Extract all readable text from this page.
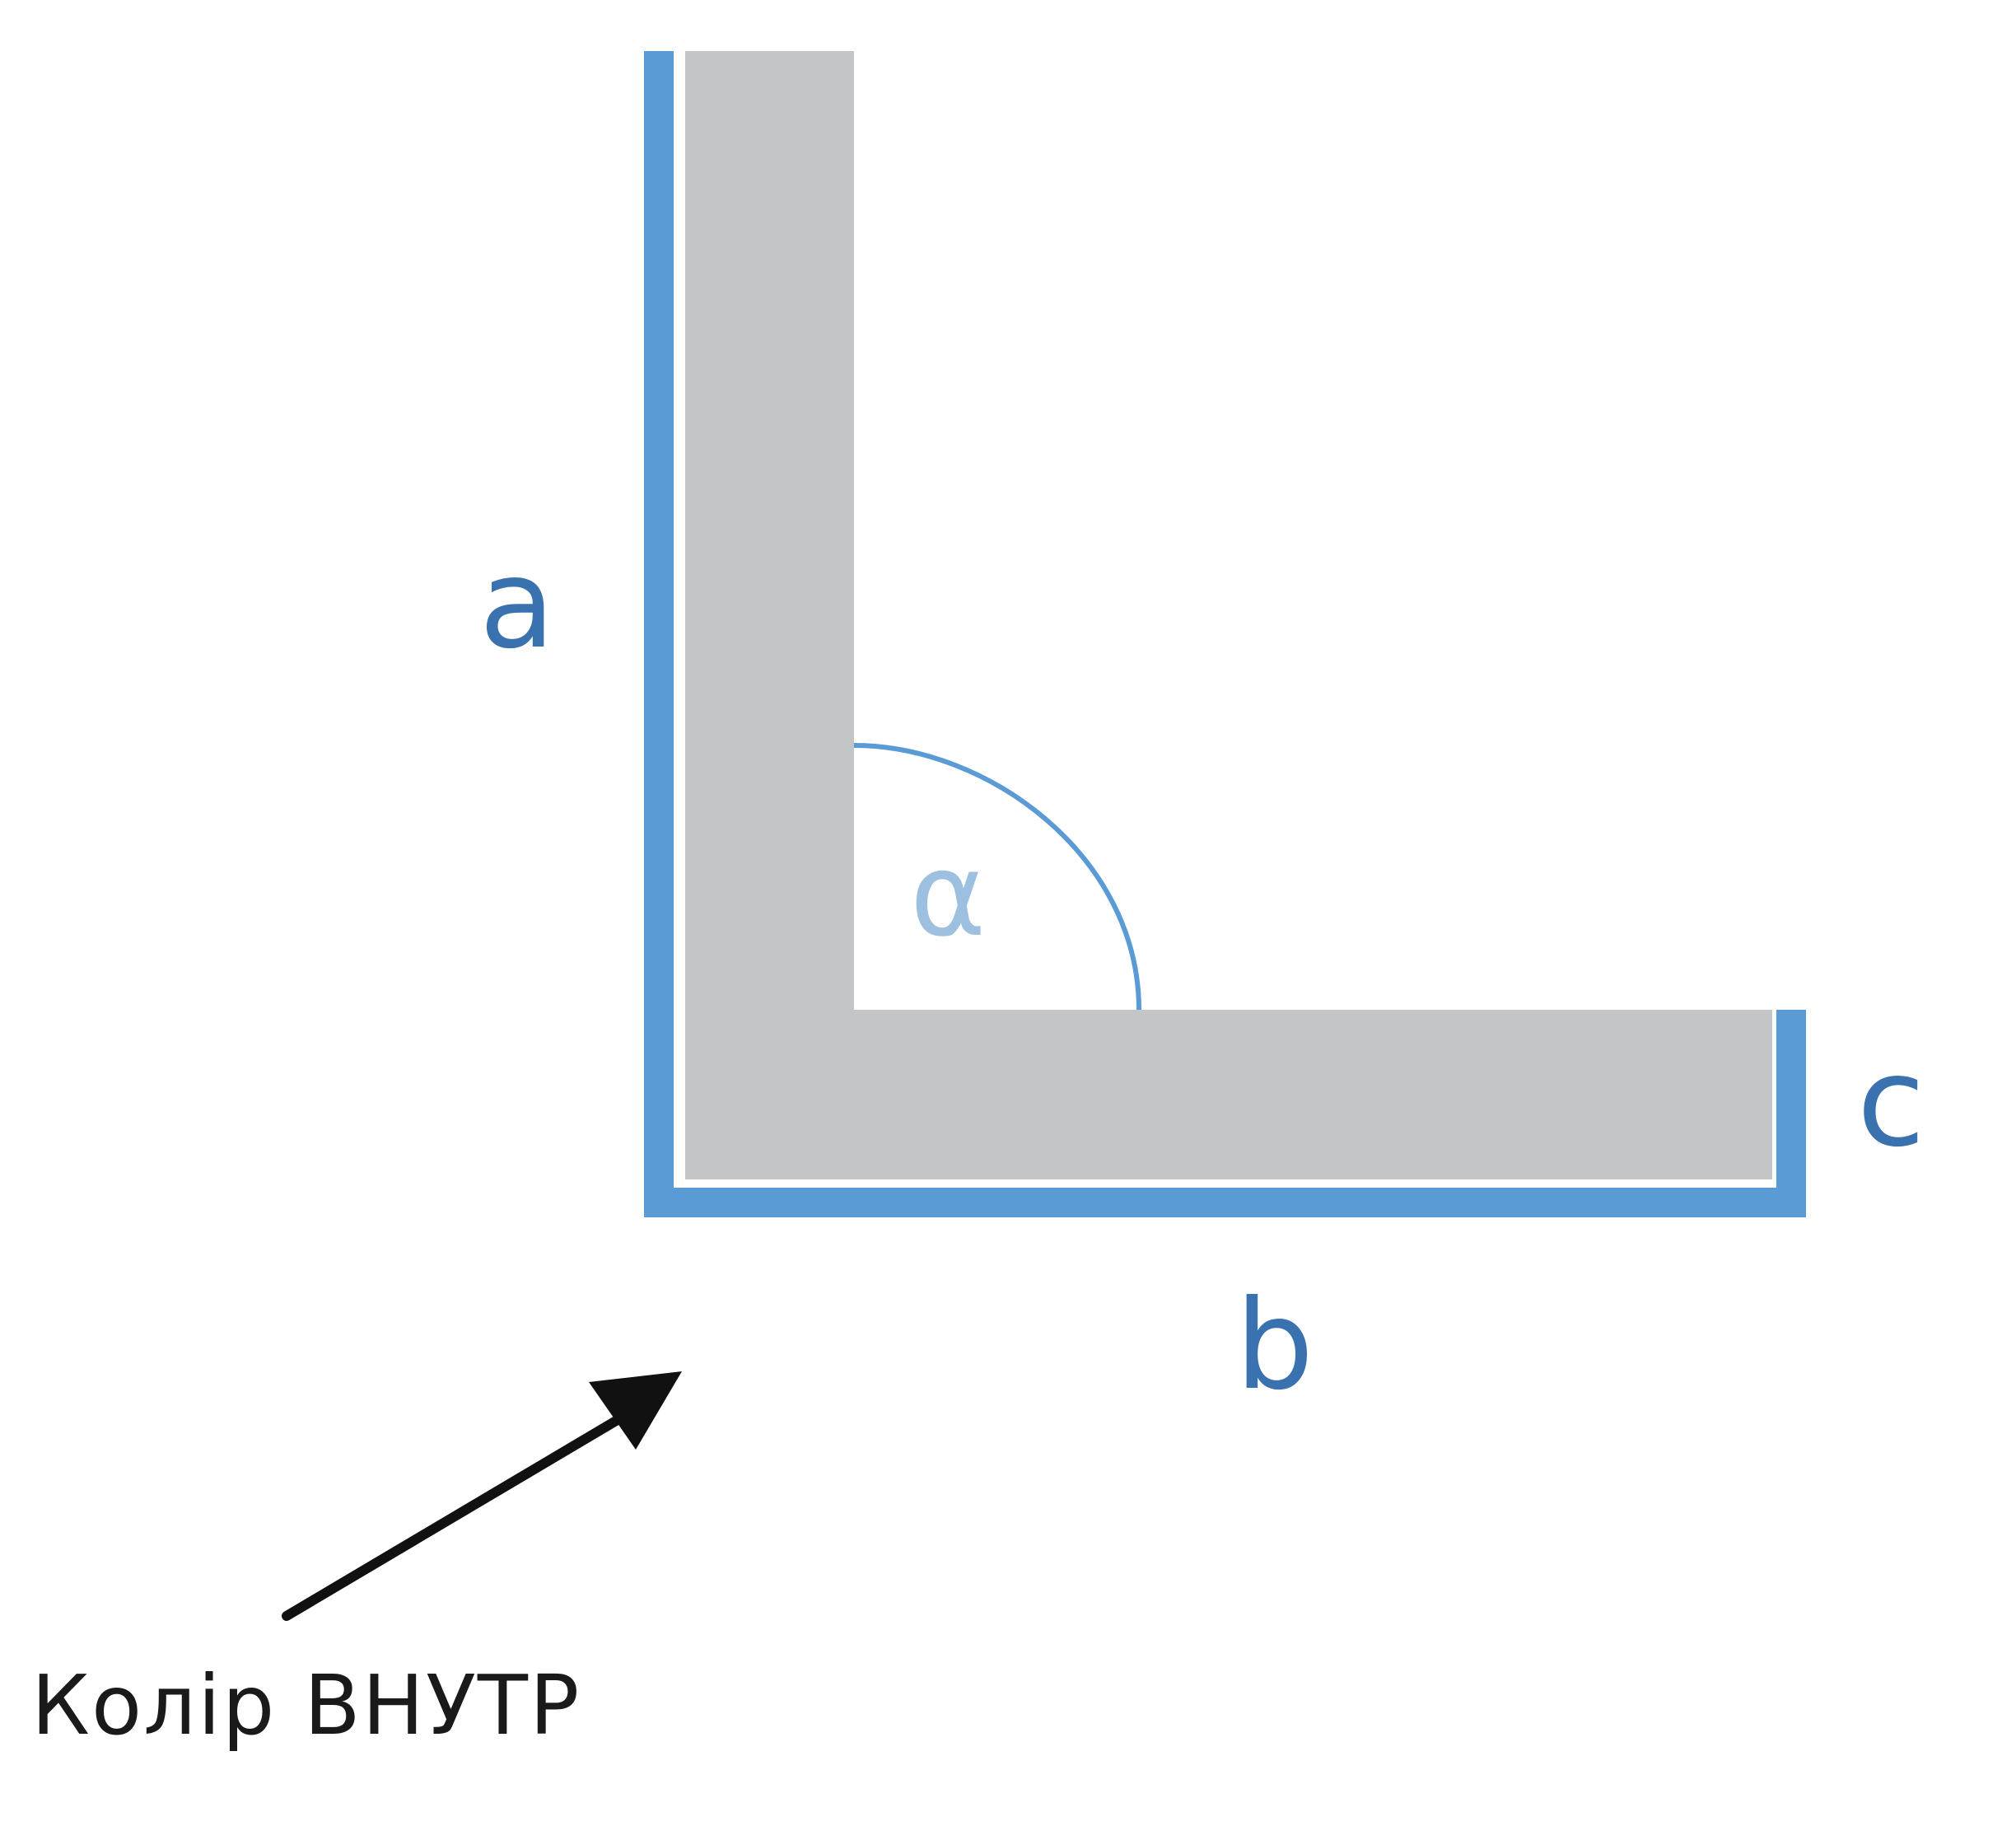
a
b
c
α
Колір ВНУТР
